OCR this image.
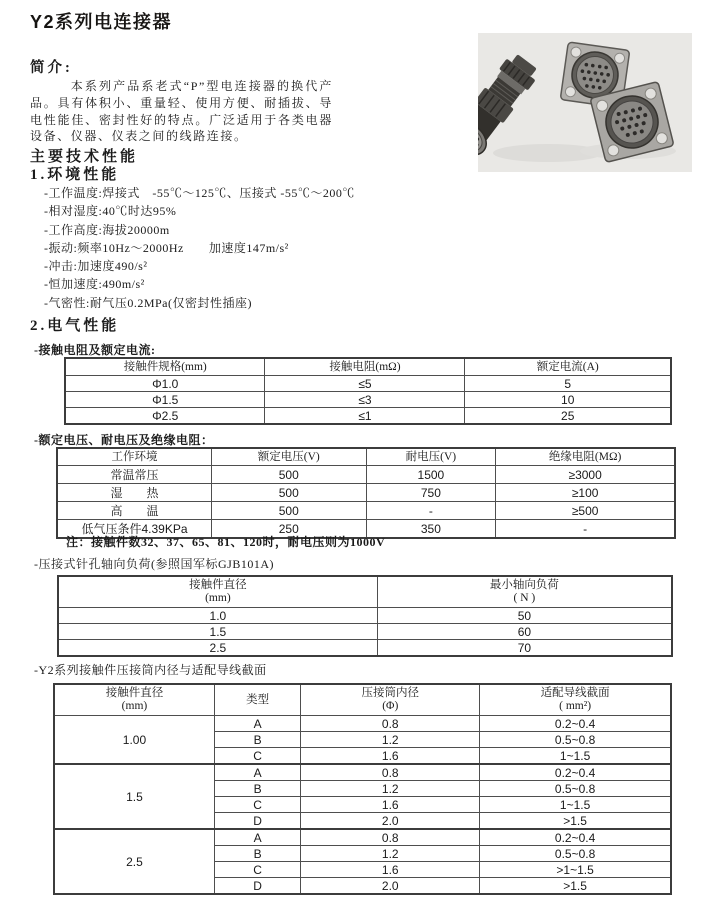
Y2系列电连接器
简介:
本系列产品系老式“P”型电连接器的换代产品。具有体积小、重量轻、使用方便、耐插拔、导电性能佳、密封性好的特点。广泛适用于各类电器设备、仪器、仪表之间的线路连接。
主要技术性能
1.环境性能
-工作温度:焊接式　-55℃～125℃、压接式 -55℃～200℃
-相对湿度:40℃时达95%
-工作高度:海拔20000m
-振动:频率10Hz～2000Hz　　加速度147m/s²
-冲击:加速度490/s²
-恒加速度:490m/s²
-气密性:耐气压0.2MPa(仅密封性插座)
2.电气性能
-接触电阻及额定电流:
接触件规格(mm)	接触电阻(mΩ)	额定电流(A)
Φ1.0	≤5	5
Φ1.5	≤3	10
Φ2.5	≤1	25
-额定电压、耐电压及绝缘电阻：
工作环境	额定电压(V)	耐电压(V)	绝缘电阻(MΩ)
常温常压	500	1500	≥3000
湿　　热	500	750	≥100
高　　温	500	-	≥500
低气压条件4.39KPa	250	350	-
注：接触件数32、37、65、81、120时，耐电压则为1000V
-压接式针孔轴向负荷(参照国军标GJB101A)
接触件直径
(mm)	最小轴向负荷
( N )

1.0	50
1.5	60
2.5	70
-Y2系列接触件压接筒内径与适配导线截面
接触件直径
(mm)	类型	压接筒内径
(Φ)	适配导线截面
( mm²)

1.00	A	0.8	0.2~0.4
	B	1.2	0.5~0.8
	C	1.6	1~1.5
1.5	A	0.8	0.2~0.4
	B	1.2	0.5~0.8
	C	1.6	1~1.5
	D	2.0	>1.5
2.5	A	0.8	0.2~0.4
	B	1.2	0.5~0.8
	C	1.6	>1~1.5
	D	2.0	>1.5
